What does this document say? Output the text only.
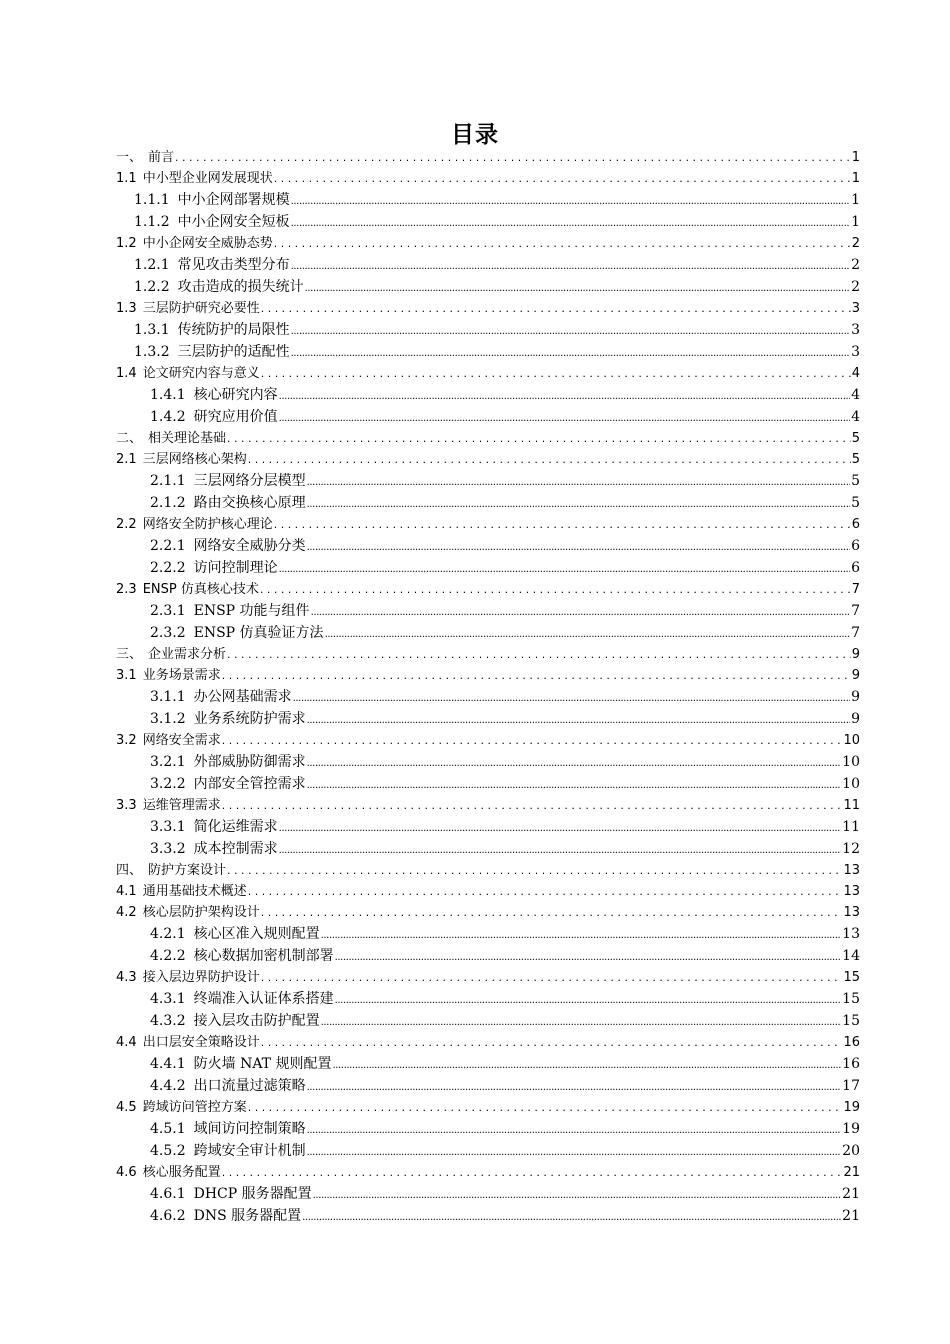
目录
一、 前言 . . .	1
1.1 中小型企业网发展现状 . . .	1
1.1.1 中小企网部署规模 .....	1
1.1.2 中小企网安全短板 .....	1
1.2 中小企网安全威胁态势 . . .	2
1.2.1 常见攻击类型分布 .....	2
1.2.2 攻击造成的损失统计 .....	2
1.3 三层防护研究必要性 . . .	3
1.3.1 传统防护的局限性 .....	3
1.3.2 三层防护的适配性 .....	3
1.4 论文研究内容与意义 . . .	4
1.4.1 核心研究内容 .....	4
1.4.2 研究应用价值 .....	4
二、 相关理论基础 . . .	5
2.1 三层网络核心架构 . . .	5
2.1.1 三层网络分层模型 .....	5
2.1.2 路由交换核心原理 .....	5
2.2 网络安全防护核心理论 . . .	6
2.2.1 网络安全威胁分类 .....	6
2.2.2 访问控制理论 .....	6
2.3 ENSP 仿真核心技术 . . .	7
2.3.1 ENSP 功能与组件 .....	7
2.3.2 ENSP 仿真验证方法 .....	7
三、 企业需求分析 . . .	9
3.1 业务场景需求 . . .	9
3.1.1 办公网基础需求 .....	9
3.1.2 业务系统防护需求 .....	9
3.2 网络安全需求 . . .	10
3.2.1 外部威胁防御需求 .....	10
3.2.2 内部安全管控需求 .....	10
3.3 运维管理需求 . . .	11
3.3.1 简化运维需求 .....	11
3.3.2 成本控制需求 .....	12
四、 防护方案设计 . . .	13
4.1 通用基础技术概述 . . .	13
4.2 核心层防护架构设计 . . .	13
4.2.1 核心区准入规则配置 .....	13
4.2.2 核心数据加密机制部署 .....	14
4.3 接入层边界防护设计 . . .	15
4.3.1 终端准入认证体系搭建 .....	15
4.3.2 接入层攻击防护配置 .....	15
4.4 出口层安全策略设计 . . .	16
4.4.1 防火墙 NAT 规则配置 .....	16
4.4.2 出口流量过滤策略 .....	17
4.5 跨域访问管控方案 . . .	19
4.5.1 域间访问控制策略 .....	19
4.5.2 跨域安全审计机制 .....	20
4.6 核心服务配置 . . .	21
4.6.1 DHCP 服务器配置 .....	21
4.6.2 DNS 服务器配置 .....	21
